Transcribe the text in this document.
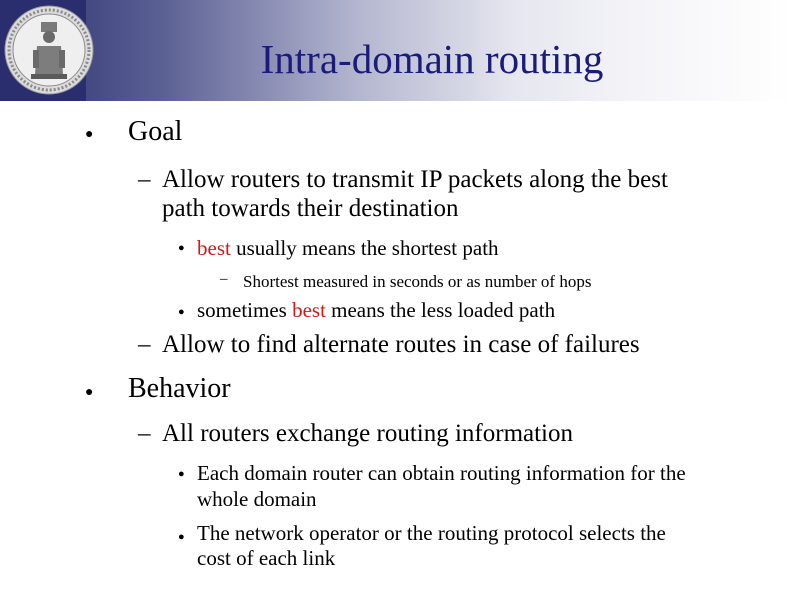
Intra-domain routing
● Goal
– Allow routers to transmit IP packets along the best
path towards their destination
● best usually means the shortest path
– Shortest measured in seconds or as number of hops
● sometimes best means the less loaded path
– Allow to find alternate routes in case of failures
● Behavior
– All routers exchange routing information
● Each domain router can obtain routing information for the
whole domain
● The network operator or the routing protocol selects the
cost of each link
